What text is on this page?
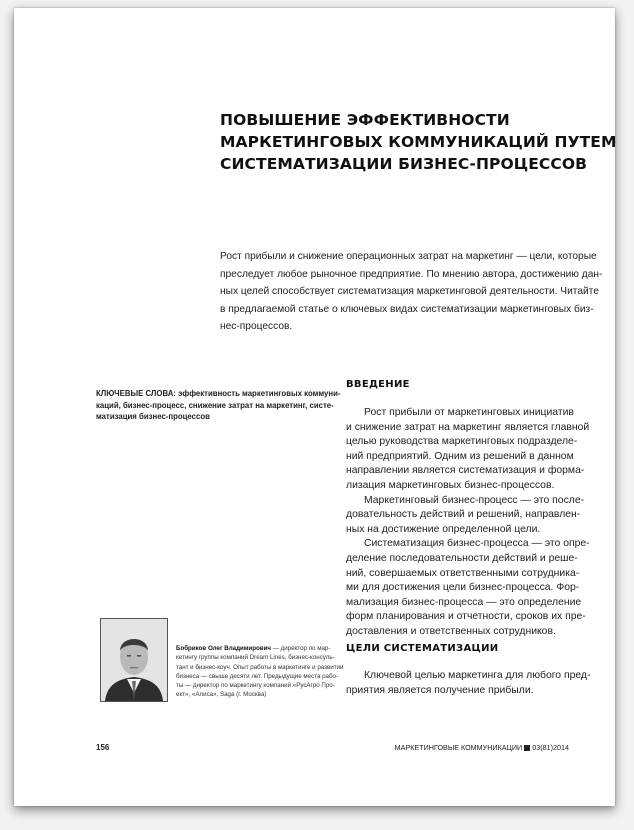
ПОВЫШЕНИЕ ЭФФЕКТИВНОСТИ
МАРКЕТИНГОВЫХ КОММУНИКАЦИЙ ПУТЕМ
СИСТЕМАТИЗАЦИИ БИЗНЕС-ПРОЦЕССОВ
Рост прибыли и снижение операционных затрат на маркетинг — цели, которые
преследует любое рыночное предприятие. По мнению автора, достижению дан-
ных целей способствует систематизация маркетинговой деятельности. Читайте
в предлагаемой статье о ключевых видах систематизации маркетинговых биз-
нес-процессов.
КЛЮЧЕВЫЕ СЛОВА: эффективность маркетинговых коммуни-
каций, бизнес-процесс, снижение затрат на маркетинг, систе-
матизация бизнес-процессов
ВВЕДЕНИЕ
Рост прибыли от маркетинговых инициатив
и снижение затрат на маркетинг является главной
целью руководства маркетинговых подразделе-
ний предприятий. Одним из решений в данном
направлении является систематизация и форма-
лизация маркетинговых бизнес-процессов.
Маркетинговый бизнес-процесс — это после-
довательность действий и решений, направлен-
ных на достижение определенной цели.
Систематизация бизнес-процесса — это опре-
деление последовательности действий и реше-
ний, совершаемых ответственными сотрудника-
ми для достижения цели бизнес-процесса. Фор-
мализация бизнес-процесса — это определение
форм планирования и отчетности, сроков их пре-
доставления и ответственных сотрудников.
ЦЕЛИ СИСТЕМАТИЗАЦИИ
Ключевой целью маркетинга для любого пред-
приятия является получение прибыли.
Бобриков Олег Владимирович — директор по мар-
кетингу группы компаний Dream Lines, бизнес-консуль-
тант и бизнес-коуч. Опыт работы в маркетинге и развитии
бизнеса — свыше десяти лет. Предыдущие места рабо-
ты — директор по маркетингу компаний «РусАгро Про-
ект», «Алиса», Saga (г. Москва)
156	МАРКЕТИНГОВЫЕ КОММУНИКАЦИИ 03(81)2014
